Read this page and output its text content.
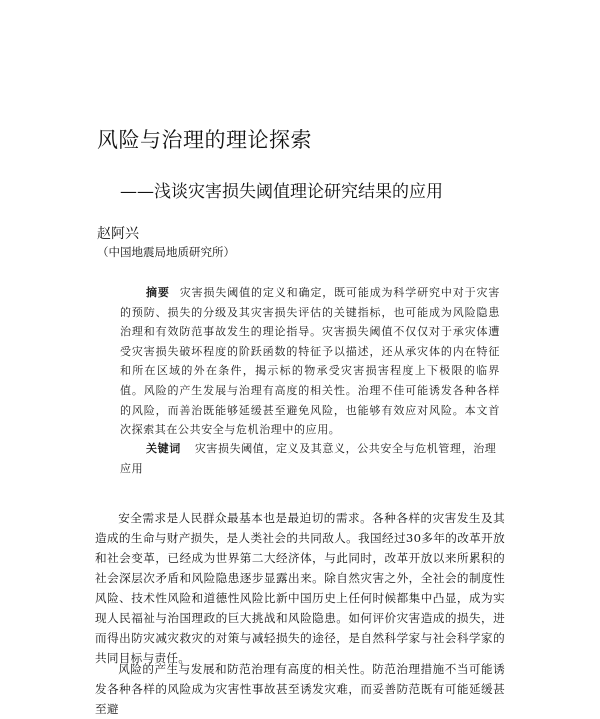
风险与治理的理论探索
——浅谈灾害损失阈值理论研究结果的应用
赵阿兴
（中国地震局地质研究所）
摘要 灾害损失阈值的定义和确定，既可能成为科学研究中对于灾害的预防、损失的分级及其灾害损失评估的关键指标，也可能成为风险隐患治理和有效防范事故发生的理论指导。灾害损失阈值不仅仅对于承灾体遭受灾害损失破坏程度的阶跃函数的特征予以描述，还从承灾体的内在特征和所在区域的外在条件，揭示标的物承受灾害损害程度上下极限的临界值。风险的产生发展与治理有高度的相关性。治理不佳可能诱发各种各样的风险，而善治既能够延缓甚至避免风险，也能够有效应对风险。本文首次探索其在公共安全与危机治理中的应用。
关键词 灾害损失阈值，定义及其意义，公共安全与危机管理，治理应用
安全需求是人民群众最基本也是最迫切的需求。各种各样的灾害发生及其造成的生命与财产损失，是人类社会的共同敌人。我国经过30多年的改革开放和社会变革，已经成为世界第二大经济体，与此同时，改革开放以来所累积的社会深层次矛盾和风险隐患逐步显露出来。除自然灾害之外，全社会的制度性风险、技术性风险和道德性风险比新中国历史上任何时候都集中凸显，成为实现人民福祉与治国理政的巨大挑战和风险隐患。如何评价灾害造成的损失，进而得出防灾减灾救灾的对策与减轻损失的途径，是自然科学家与社会科学家的共同目标与责任。
风险的产生与发展和防范治理有高度的相关性。防范治理措施不当可能诱发各种各样的风险成为灾害性事故甚至诱发灾难，而妥善防范既有可能延缓甚至避
